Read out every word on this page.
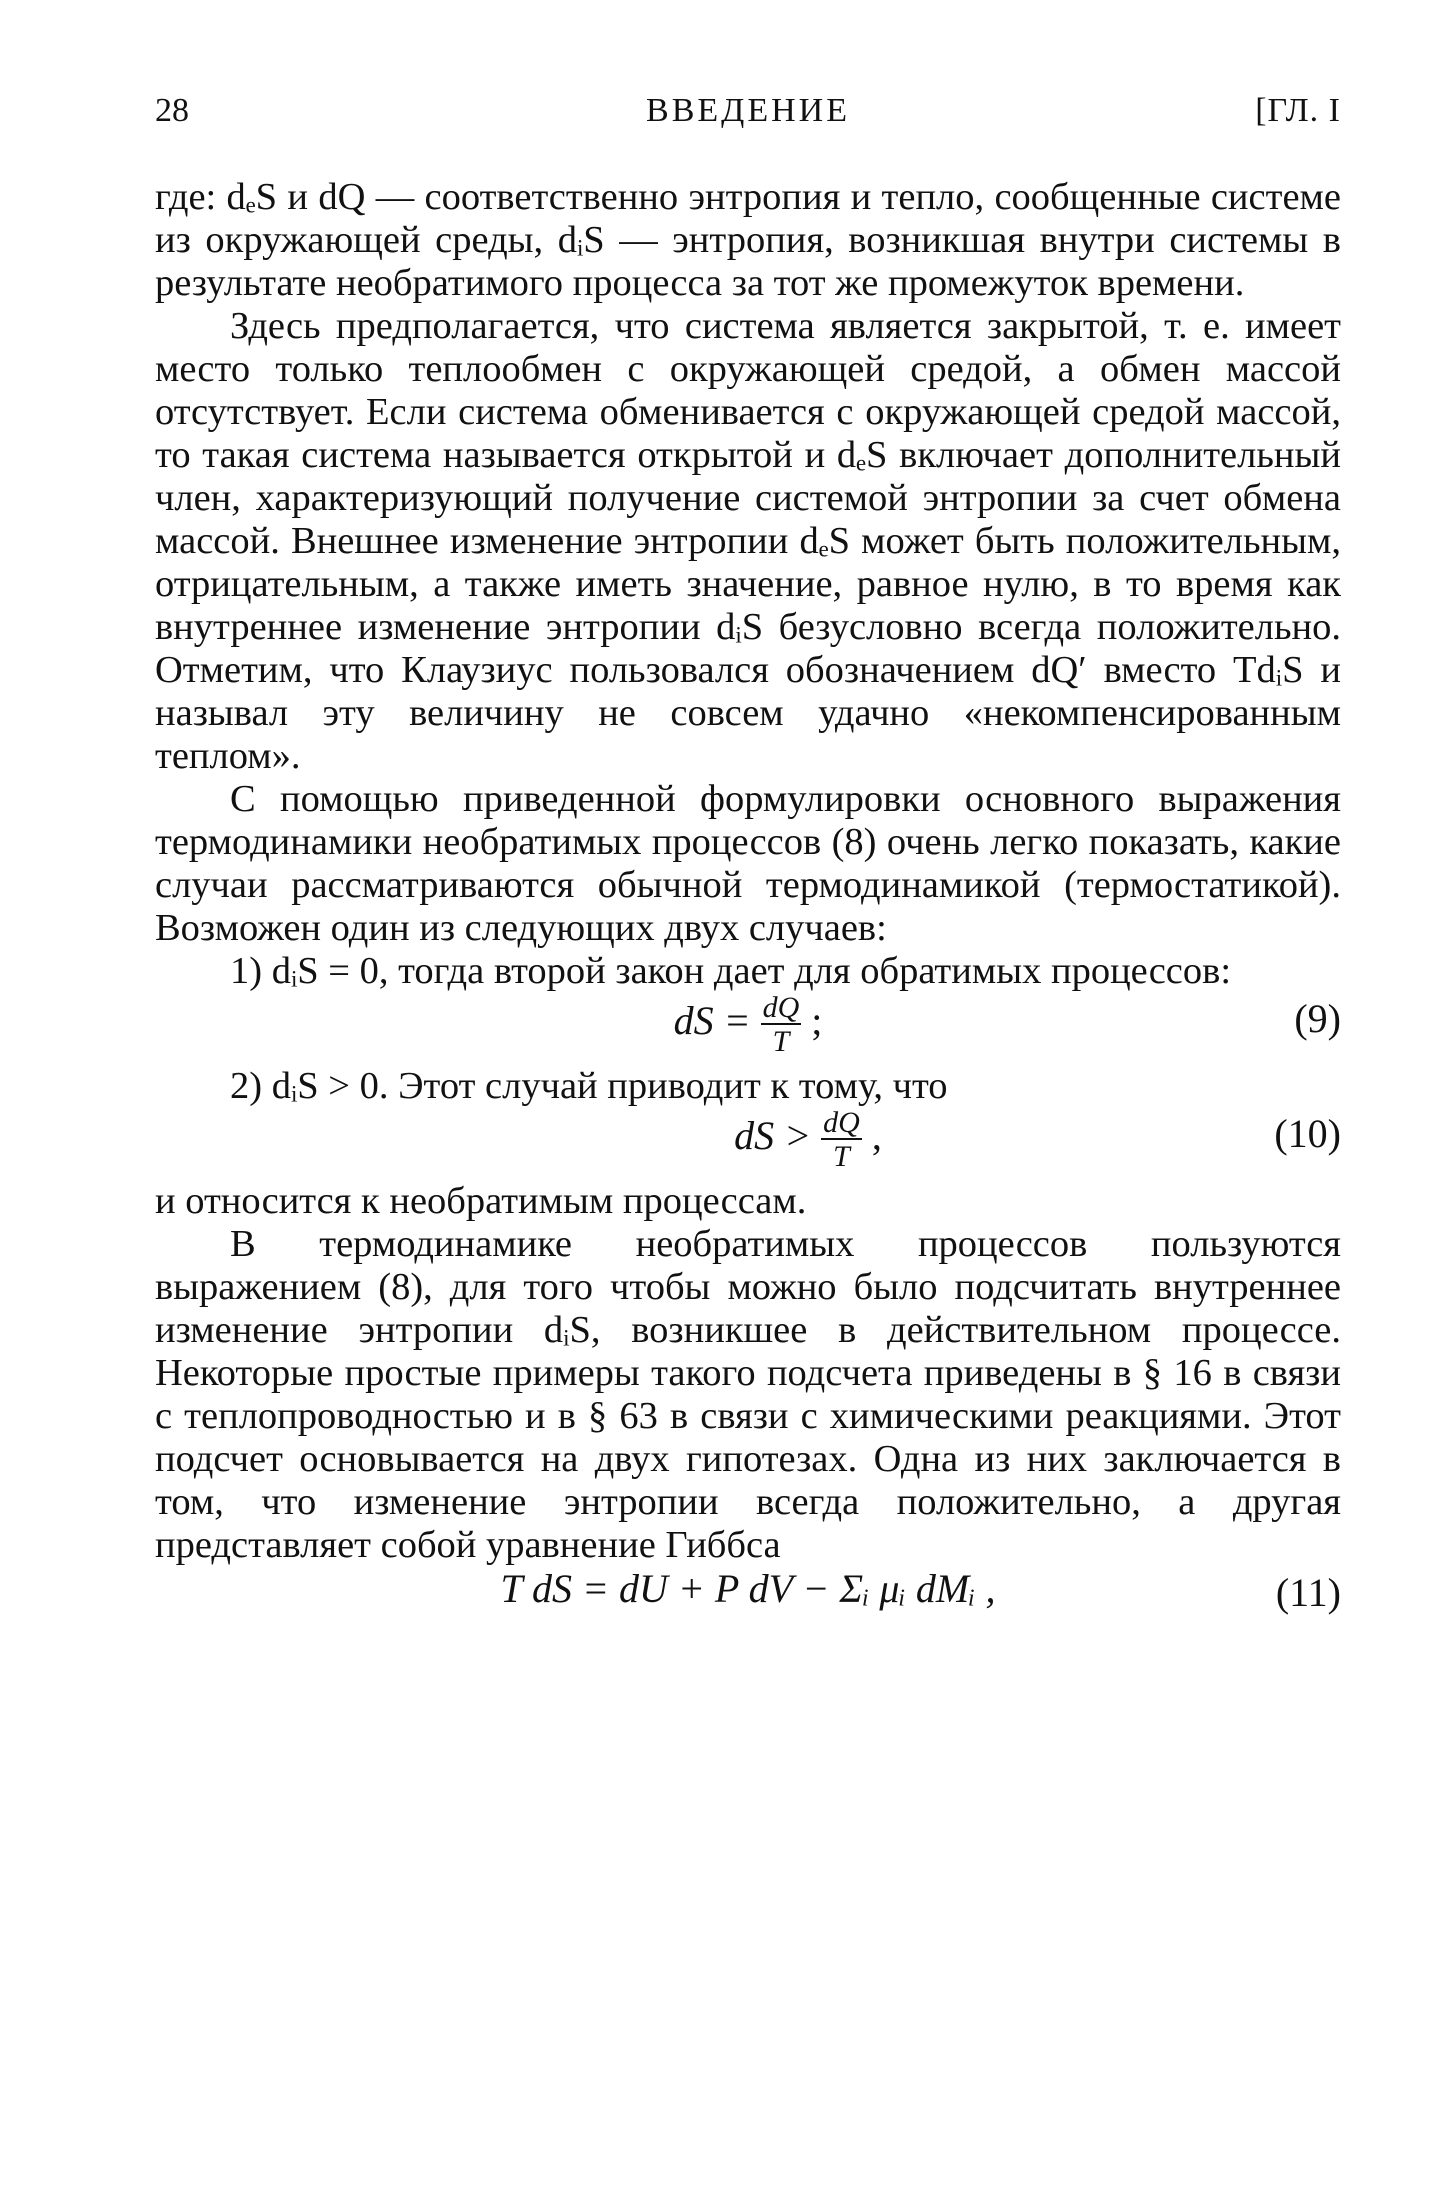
28	ВВЕДЕНИЕ	[ГЛ. I

где: dₑS и dQ — соответственно энтропия и тепло, сообщенные системе из окружающей среды, dᵢS — энтропия, возникшая внутри системы в результате необратимого процесса за тот же промежуток времени.

Здесь предполагается, что система является закрытой, т. е. имеет место только теплообмен с окружающей средой, а обмен массой отсутствует. Если система обменивается с окружающей средой массой, то такая система называется открытой и dₑS включает дополнительный член, характеризующий получение системой энтропии за счет обмена массой. Внешнее изменение энтропии dₑS может быть положительным, отрицательным, а также иметь значение, равное нулю, в то время как внутреннее изменение энтропии dᵢS безусловно всегда положительно. Отметим, что Клаузиус пользовался обозначением dQ′ вместо TdᵢS и называл эту величину не совсем удачно «некомпенсированным теплом».

С помощью приведенной формулировки основного выражения термодинамики необратимых процессов (8) очень легко показать, какие случаи рассматриваются обычной термодинамикой (термостатикой). Возможен один из следующих двух случаев:

1) dᵢS = 0, тогда второй закон дает для обратимых процессов:

dS = $\frac{dQ}{T}$ ;	(9)

2) dᵢS > 0. Этот случай приводит к тому, что

dS > $\frac{dQ}{T}$ ,	(10)

и относится к необратимым процессам.

В термодинамике необратимых процессов пользуются выражением (8), для того чтобы можно было подсчитать внутреннее изменение энтропии dᵢS, возникшее в действительном процессе. Некоторые простые примеры такого подсчета приведены в § 16 в связи с теплопроводностью и в § 63 в связи с химическими реакциями. Этот подсчет основывается на двух гипотезах. Одна из них заключается в том, что изменение энтропии всегда положительно, а другая представляет собой уравнение Гиббса

T dS = dU + P dV − Σᵢ μᵢ dMᵢ ,	(11)
